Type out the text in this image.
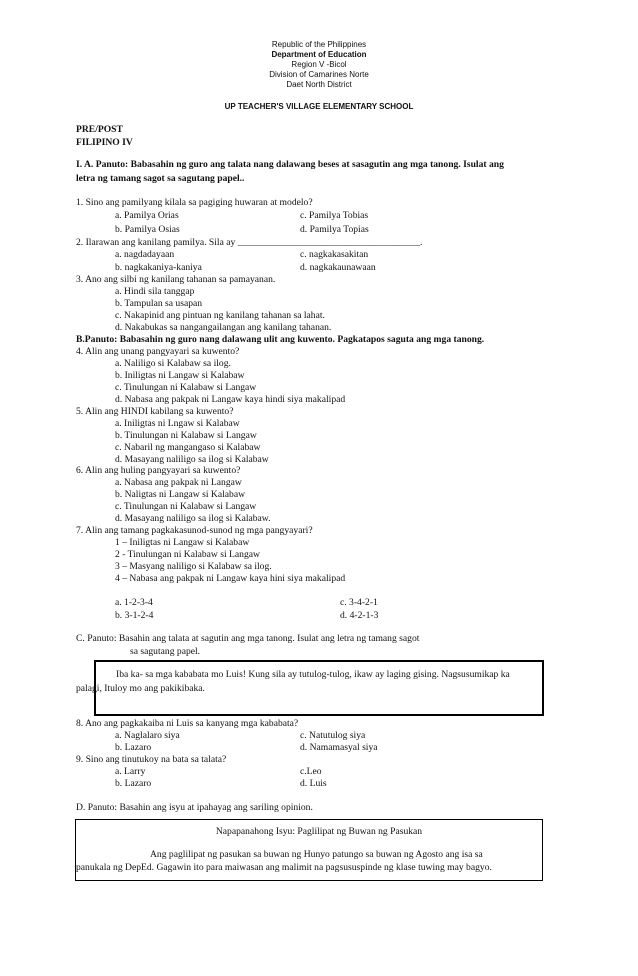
Republic of the Philippines
Department of Education
Region V -Bicol
Division of Camarines Norte
Daet North District
UP TEACHER'S VILLAGE ELEMENTARY SCHOOL
PRE/POST
FILIPINO IV
I. A. Panuto: Babasahin ng guro ang talata nang dalawang beses at sasagutin ang mga tanong. Isulat ang
letra ng tamang sagot sa sagutang papel..
1. Sino ang pamilyang kilala sa pagiging huwaran at modelo?
a. Pamilya Orias	c. Pamilya Tobias
b. Pamilya Osias	d. Pamilya Topias
2. Ilarawan ang kanilang pamilya. Sila ay ______________________________________.
a. nagdadayaan	c. nagkakasakitan
b. nagkakaniya-kaniya	d. nagkakaunawaan
3. Ano ang silbi ng kanilang tahanan sa pamayanan.
a. Hindi sila tanggap
b. Tampulan sa usapan
c. Nakapinid ang pintuan ng kanilang tahanan sa lahat.
d. Nakabukas sa nangangailangan ang kanilang tahanan.
B.Panuto: Babasahin ng guro nang dalawang ulit ang kuwento. Pagkatapos saguta ang mga tanong.
4. Alin ang unang pangyayari sa kuwento?
a. Naliligo si Kalabaw sa ilog.
b. Iniligtas ni Langaw si Kalabaw
c. Tinulungan ni Kalabaw si Langaw
d. Nabasa ang pakpak ni Langaw kaya hindi siya makalipad
5. Alin ang HINDI kabilang sa kuwento?
a. Iniligtas ni Lngaw si Kalabaw
b. Tinulungan ni Kalabaw si Langaw
c. Nabaril ng mangangaso si Kalabaw
d. Masayang naliligo sa ilog si Kalabaw
6. Alin ang huling pangyayari sa kuwento?
a. Nabasa ang pakpak ni Langaw
b. Naligtas ni Langaw si Kalabaw
c. Tinulungan ni Kalabaw si Langaw
d. Masayang naliligo sa ilog si Kalabaw.
7. Alin ang tamang pagkakasunod-sunod ng mga pangyayari?
1 – Iniligtas ni Langaw si Kalabaw
2 - Tinulungan ni Kalabaw si Langaw
3 – Masyang naliligo si Kalabaw sa ilog.
4 – Nabasa ang pakpak ni Langaw kaya hini siya makalipad
a. 1-2-3-4	c. 3-4-2-1
b. 3-1-2-4	d. 4-2-1-3
C. Panuto: Basahin ang talata at sagutin ang mga tanong. Isulat ang letra ng tamang sagot
sa sagutang papel.
Iba ka- sa mga kababata mo Luis! Kung sila ay tutulog-tulog, ikaw ay laging gising. Nagsusumikap ka
palagi, Ituloy mo ang pakikibaka.
8. Ano ang pagkakaiba ni Luis sa kanyang mga kababata?
a. Naglalaro siya	c. Natutulog siya
b. Lazaro	d. Namamasyal siya
9. Sino ang tinutukoy na bata sa talata?
a. Larry	c.Leo
b. Lazaro	d. Luis
D. Panuto: Basahin ang isyu at ipahayag ang sariling opinion.
Napapanahong Isyu: Paglilipat ng Buwan ng Pasukan
Ang paglilipat ng pasukan sa buwan ng Hunyo patungo sa buwan ng Agosto ang isa sa
panukala ng DepEd. Gagawin ito para maiwasan ang malimit na pagsususpinde ng klase tuwing may bagyo.
